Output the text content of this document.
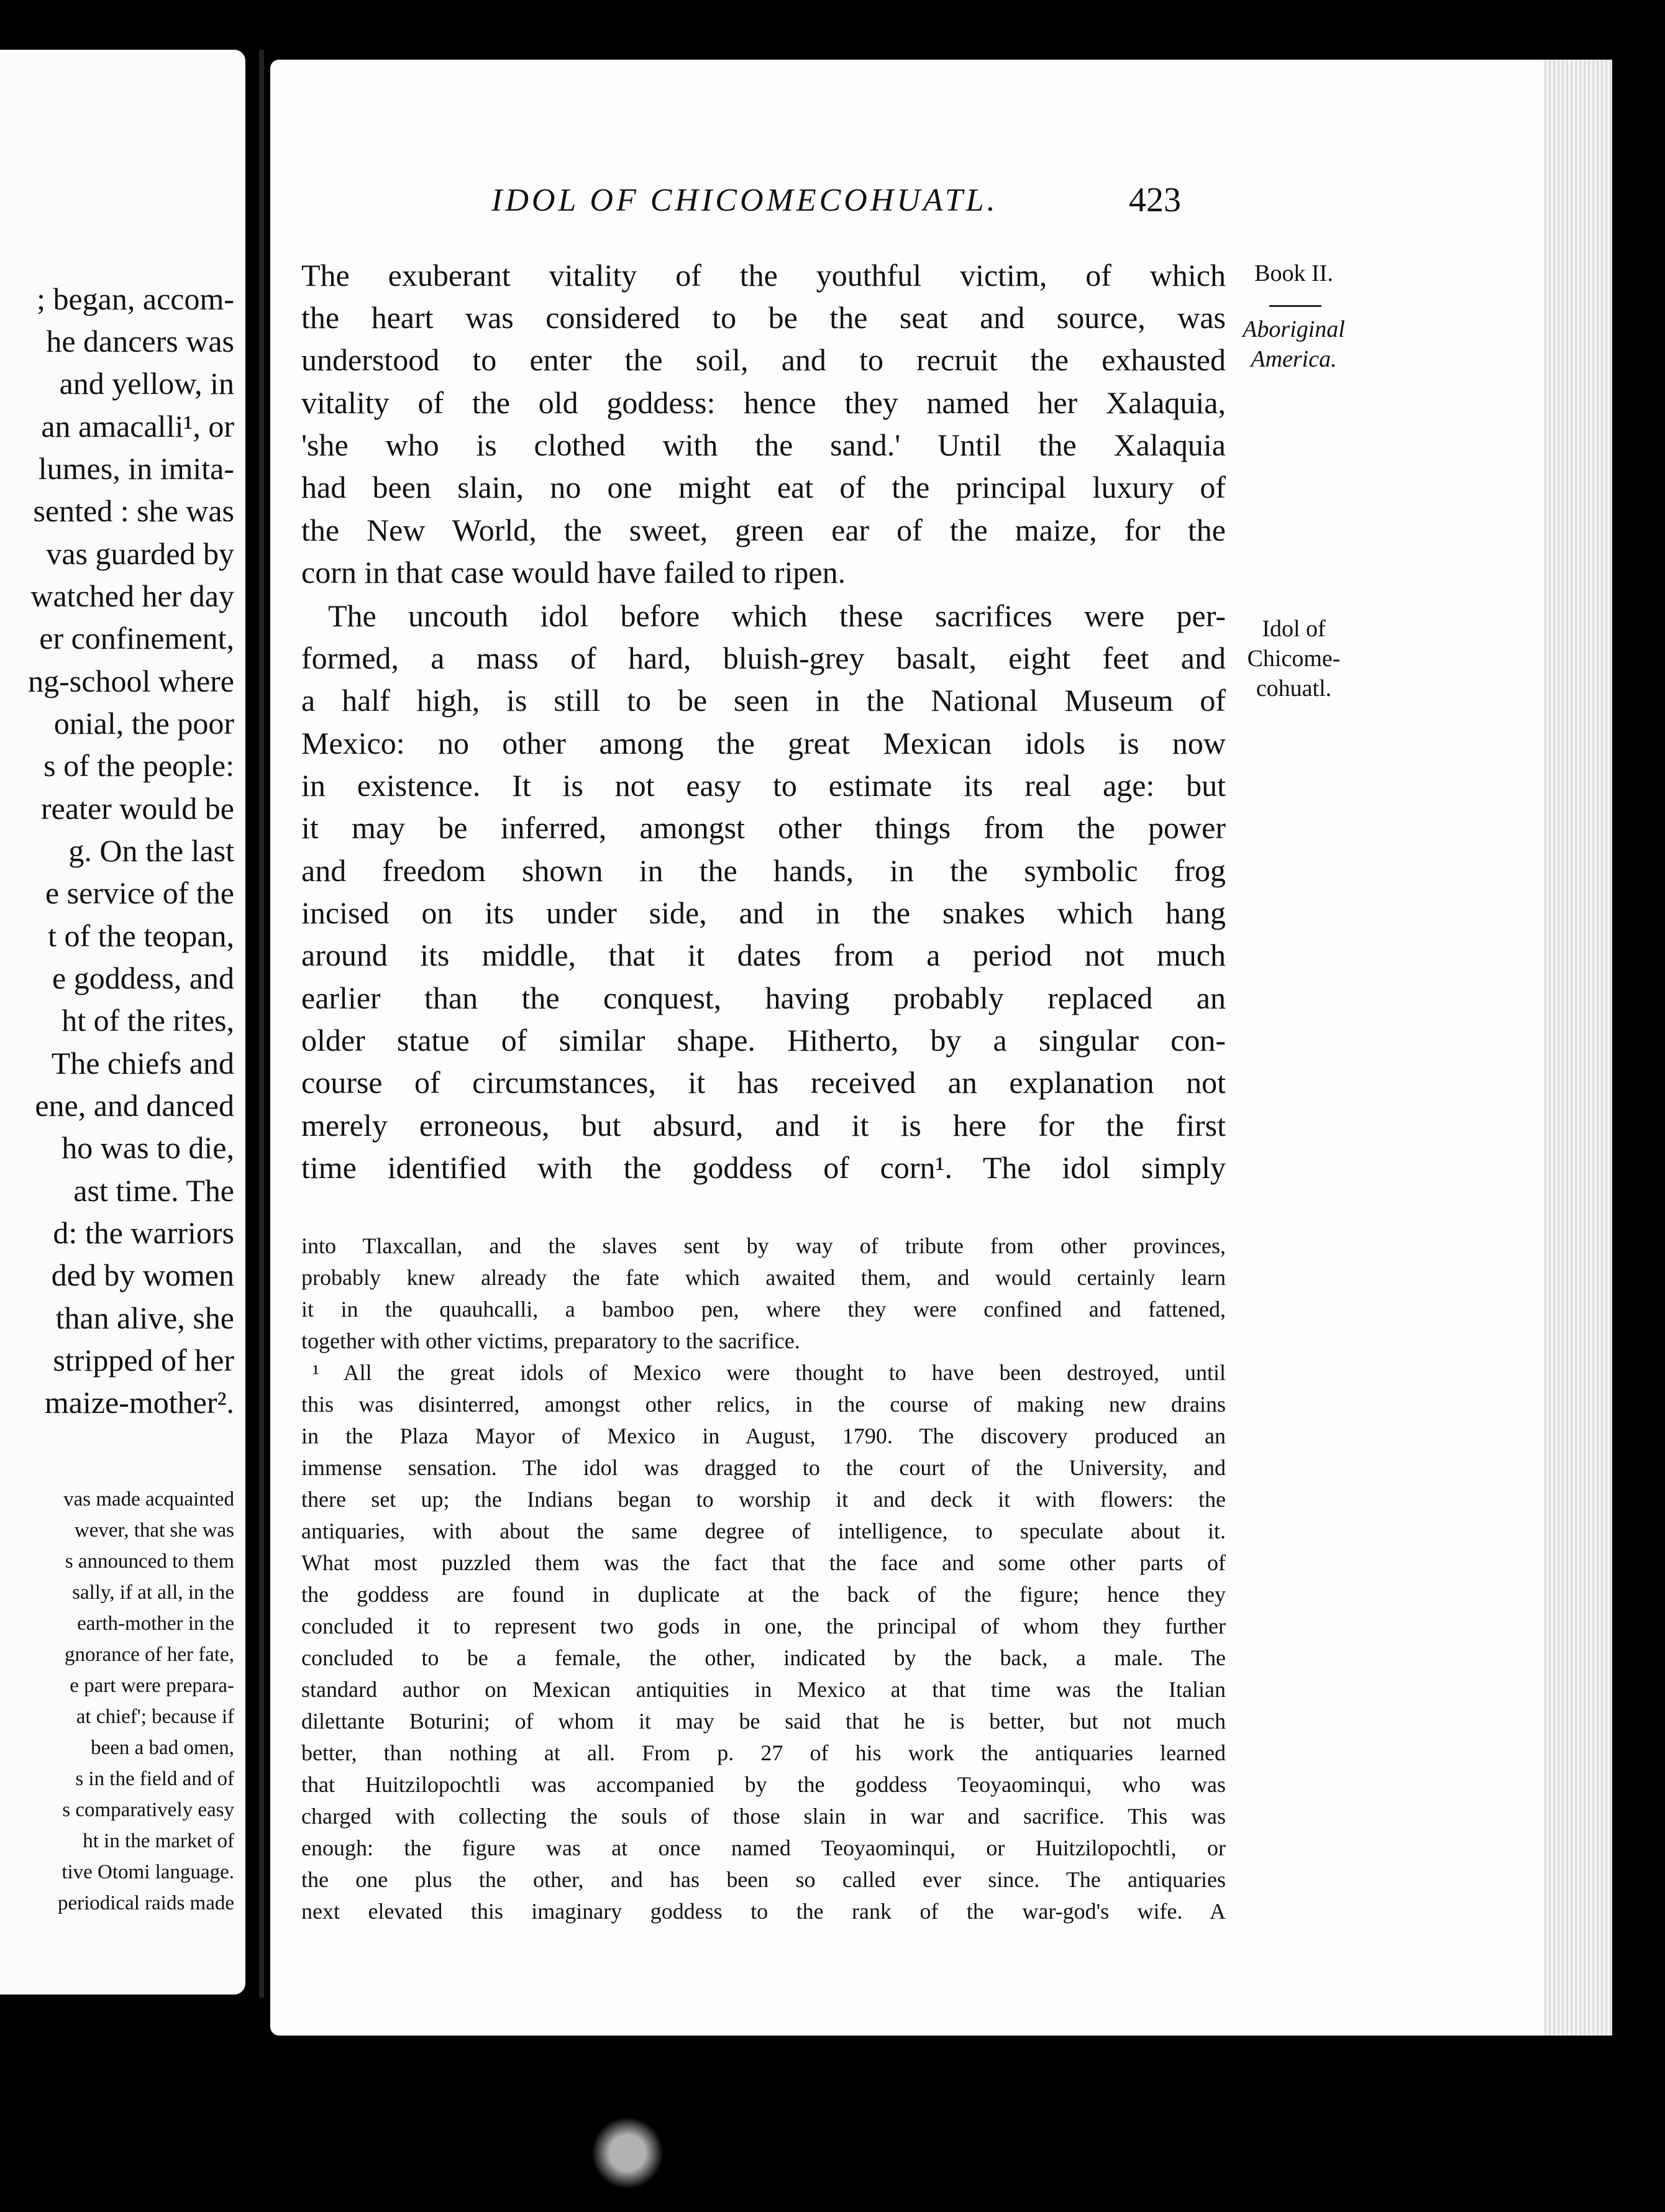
; began, accom-
he dancers was
and yellow, in
an amacalli¹, or
lumes, in imita-
sented : she was
vas guarded by
watched her day
er confinement,
ng-school where
onial, the poor
s of the people:
reater would be
g. On the last
e service of the
t of the teopan,
e goddess, and
ht of the rites,
The chiefs and
ene, and danced
ho was to die,
ast time. The
d: the warriors
ded by women
than alive, she
stripped of her
maize-mother².
vas made acquainted
wever, that she was
s announced to them
sally, if at all, in the
earth-mother in the
gnorance of her fate,
e part were prepara-
at chief'; because if
been a bad omen,
s in the field and of
s comparatively easy
ht in the market of
tive Otomi language.
periodical raids made
IDOL OF CHICOMECOHUATL.	423
Book II.
Aboriginal
America.
Idol of
Chicome-
cohuatl.
The exuberant vitality of the youthful victim, of which
the heart was considered to be the seat and source, was
understood to enter the soil, and to recruit the exhausted
vitality of the old goddess: hence they named her Xalaquia,
'she who is clothed with the sand.' Until the Xalaquia
had been slain, no one might eat of the principal luxury of
the New World, the sweet, green ear of the maize, for the
corn in that case would have failed to ripen.
The uncouth idol before which these sacrifices were per-
formed, a mass of hard, bluish-grey basalt, eight feet and
a half high, is still to be seen in the National Museum of
Mexico: no other among the great Mexican idols is now
in existence. It is not easy to estimate its real age: but
it may be inferred, amongst other things from the power
and freedom shown in the hands, in the symbolic frog
incised on its under side, and in the snakes which hang
around its middle, that it dates from a period not much
earlier than the conquest, having probably replaced an
older statue of similar shape. Hitherto, by a singular con-
course of circumstances, it has received an explanation not
merely erroneous, but absurd, and it is here for the first
time identified with the goddess of corn¹. The idol simply
into Tlaxcallan, and the slaves sent by way of tribute from other provinces,
probably knew already the fate which awaited them, and would certainly learn
it in the quauhcalli, a bamboo pen, where they were confined and fattened,
together with other victims, preparatory to the sacrifice.
¹ All the great idols of Mexico were thought to have been destroyed, until
this was disinterred, amongst other relics, in the course of making new drains
in the Plaza Mayor of Mexico in August, 1790. The discovery produced an
immense sensation. The idol was dragged to the court of the University, and
there set up; the Indians began to worship it and deck it with flowers: the
antiquaries, with about the same degree of intelligence, to speculate about it.
What most puzzled them was the fact that the face and some other parts of
the goddess are found in duplicate at the back of the figure; hence they
concluded it to represent two gods in one, the principal of whom they further
concluded to be a female, the other, indicated by the back, a male. The
standard author on Mexican antiquities in Mexico at that time was the Italian
dilettante Boturini; of whom it may be said that he is better, but not much
better, than nothing at all. From p. 27 of his work the antiquaries learned
that Huitzilopochtli was accompanied by the goddess Teoyaominqui, who was
charged with collecting the souls of those slain in war and sacrifice. This was
enough: the figure was at once named Teoyaominqui, or Huitzilopochtli, or
the one plus the other, and has been so called ever since. The antiquaries
next elevated this imaginary goddess to the rank of the war-god's wife. A
